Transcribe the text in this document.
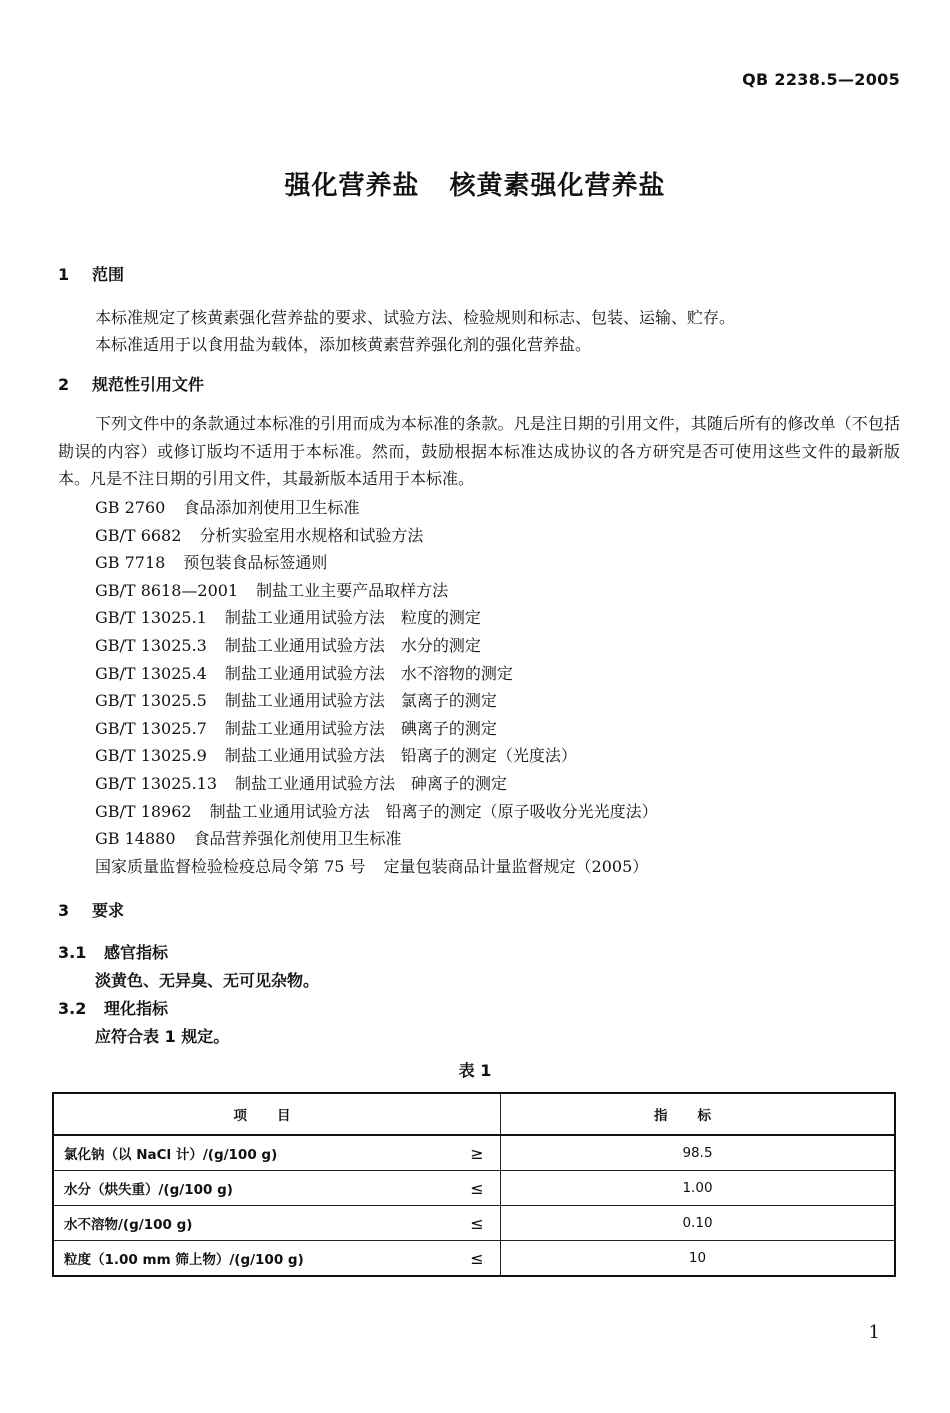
QB 2238.5—2005
强化营养盐 核黄素强化营养盐
1 范围
本标准规定了核黄素强化营养盐的要求、试验方法、检验规则和标志、包装、运输、贮存。
本标准适用于以食用盐为载体，添加核黄素营养强化剂的强化营养盐。
2 规范性引用文件
下列文件中的条款通过本标准的引用而成为本标准的条款。凡是注日期的引用文件，其随后所有的修改单（不包括勘误的内容）或修订版均不适用于本标准。然而，鼓励根据本标准达成协议的各方研究是否可使用这些文件的最新版本。凡是不注日期的引用文件，其最新版本适用于本标准。
GB 2760 食品添加剂使用卫生标准
GB/T 6682 分析实验室用水规格和试验方法
GB 7718 预包装食品标签通则
GB/T 8618—2001 制盐工业主要产品取样方法
GB/T 13025.1 制盐工业通用试验方法　粒度的测定
GB/T 13025.3 制盐工业通用试验方法　水分的测定
GB/T 13025.4 制盐工业通用试验方法　水不溶物的测定
GB/T 13025.5 制盐工业通用试验方法　氯离子的测定
GB/T 13025.7 制盐工业通用试验方法　碘离子的测定
GB/T 13025.9 制盐工业通用试验方法　铅离子的测定（光度法）
GB/T 13025.13 制盐工业通用试验方法　砷离子的测定
GB/T 18962 制盐工业通用试验方法　铅离子的测定（原子吸收分光光度法）
GB 14880 食品营养强化剂使用卫生标准
国家质量监督检验检疫总局令第 75 号 定量包装商品计量监督规定（2005）
3 要求
3.1 感官指标
淡黄色、无异臭、无可见杂物。
3.2 理化指标
应符合表 1 规定。
表 1
项目		指标
氯化钠（以 NaCl 计）/(g/100 g)	≥	98.5
水分（烘失重）/(g/100 g)	≤	1.00
水不溶物/(g/100 g)	≤	0.10
粒度（1.00 mm 筛上物）/(g/100 g)	≤	10
1
